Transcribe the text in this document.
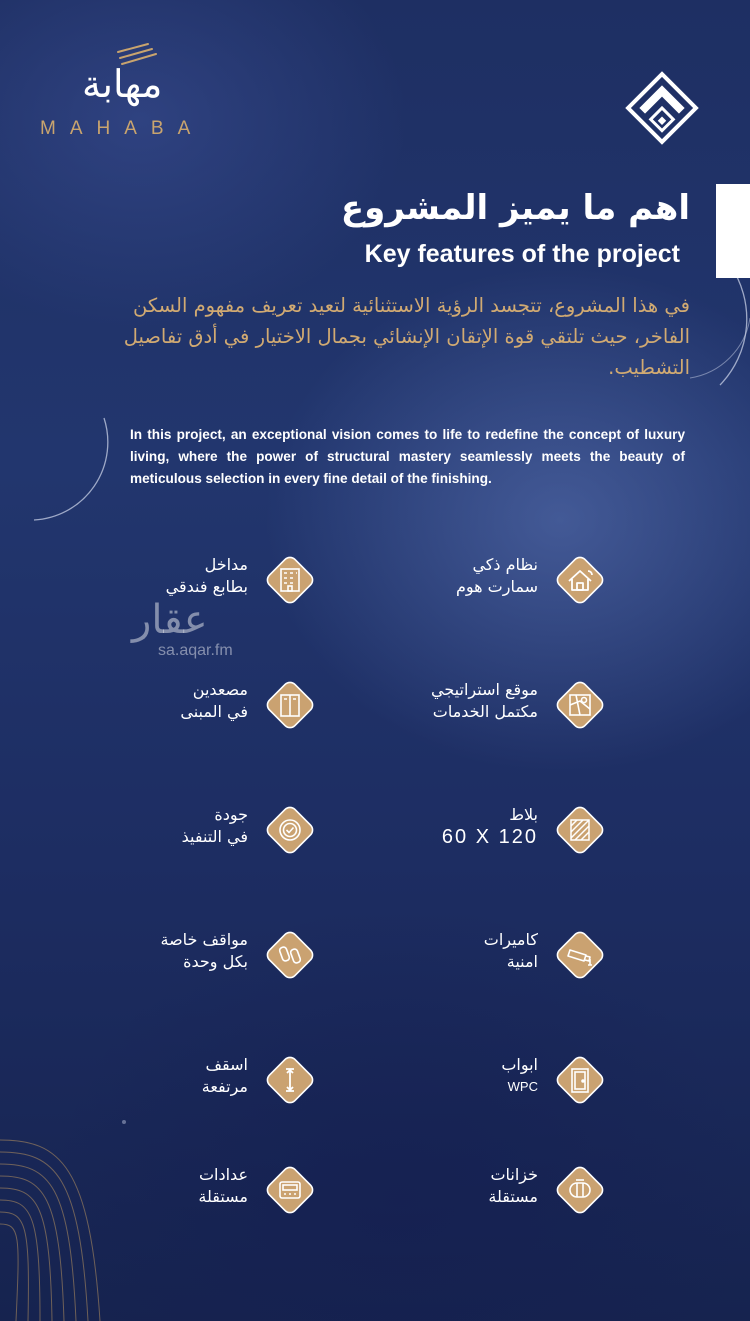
مهابة
MAHABA
اهم ما يميز المشروع
Key features of the project
في هذا المشروع، تتجسد الرؤية الاستثنائية لتعيد تعريف مفهوم السكن الفاخر، حيث تلتقي قوة الإتقان الإنشائي بجمال الاختيار في أدق تفاصيل التشطيب.
In this project, an exceptional vision comes to life to redefine the concept of luxury living, where the power of structural mastery seamlessly meets the beauty of meticulous selection in every fine detail of the finishing.
نظام ذكي
سمارت هوم
مداخل
بطابع فندقي
موقع استراتيجي
مكتمل الخدمات
مصعدين
في المبنى
بلاط
60 X 120
جودة
في التنفيذ
كاميرات
امنية
مواقف خاصة
بكل وحدة
ابواب
WPC
اسقف
مرتفعة
خزانات
مستقلة
عدادات
مستقلة
عقار
sa.aqar.fm
